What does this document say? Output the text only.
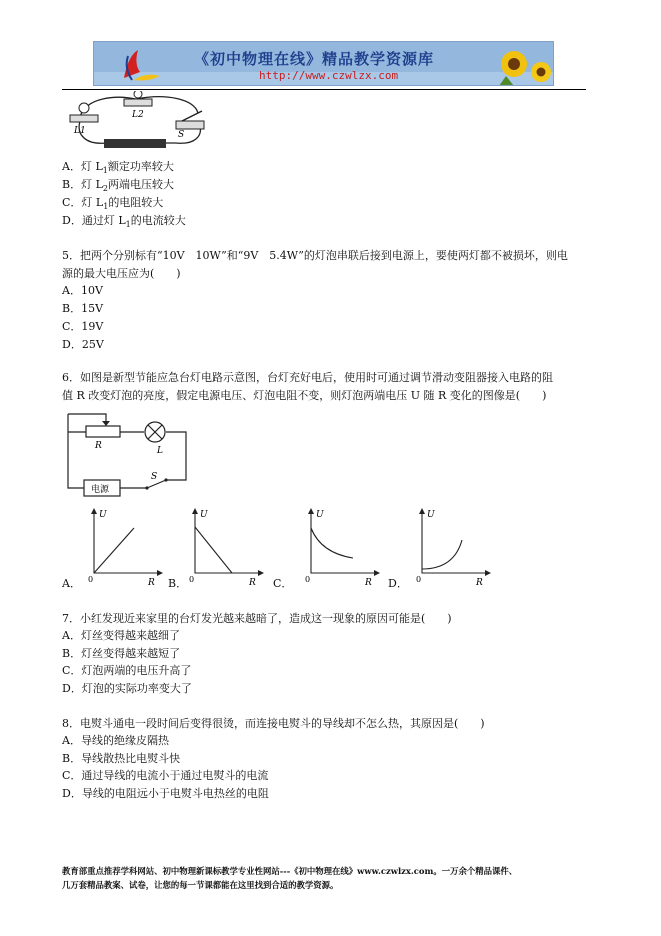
《初中物理在线》精品教学资源库
http://www.czwlzx.com
L1
L2
S
A．灯 $L_1$额定功率较大
B．灯 $L_2$两端电压较大
C．灯 $L_1$的电阻较大
D．通过灯 $L_1$的电流较大
5．把两个分别标有“10V　10W”和“9V　5.4W”的灯泡串联后接到电源上，要使两灯都不被损坏，则电
源的最大电压应为(　　)
A．10V
B．15V
C．19V
D．25V
6．如图是新型节能应急台灯电路示意图，台灯充好电后，使用时可通过调节滑动变阻器接入电路的阻
值 R 改变灯泡的亮度，假定电源电压、灯泡电阻不变，则灯泡两端电压 U 随 R 变化的图像是(　　)
R	L
S
电源
A．
U
0	R B．
U
0	R C．
U
0	R D．
U
0	R
7．小红发现近来家里的台灯发光越来越暗了，造成这一现象的原因可能是(　　)
A．灯丝变得越来越细了
B．灯丝变得越来越短了
C．灯泡两端的电压升高了
D．灯泡的实际功率变大了
8．电熨斗通电一段时间后变得很烫，而连接电熨斗的导线却不怎么热，其原因是(　　)
A．导线的绝缘皮隔热
B．导线散热比电熨斗快
C．通过导线的电流小于通过电熨斗的电流
D．导线的电阻远小于电熨斗电热丝的电阻
教育部重点推荐学科网站、初中物理新课标教学专业性网站---《初中物理在线》www.czwlzx.com。一万余个精品课件、
几万套精品教案、试卷，让您的每一节课都能在这里找到合适的教学资源。
